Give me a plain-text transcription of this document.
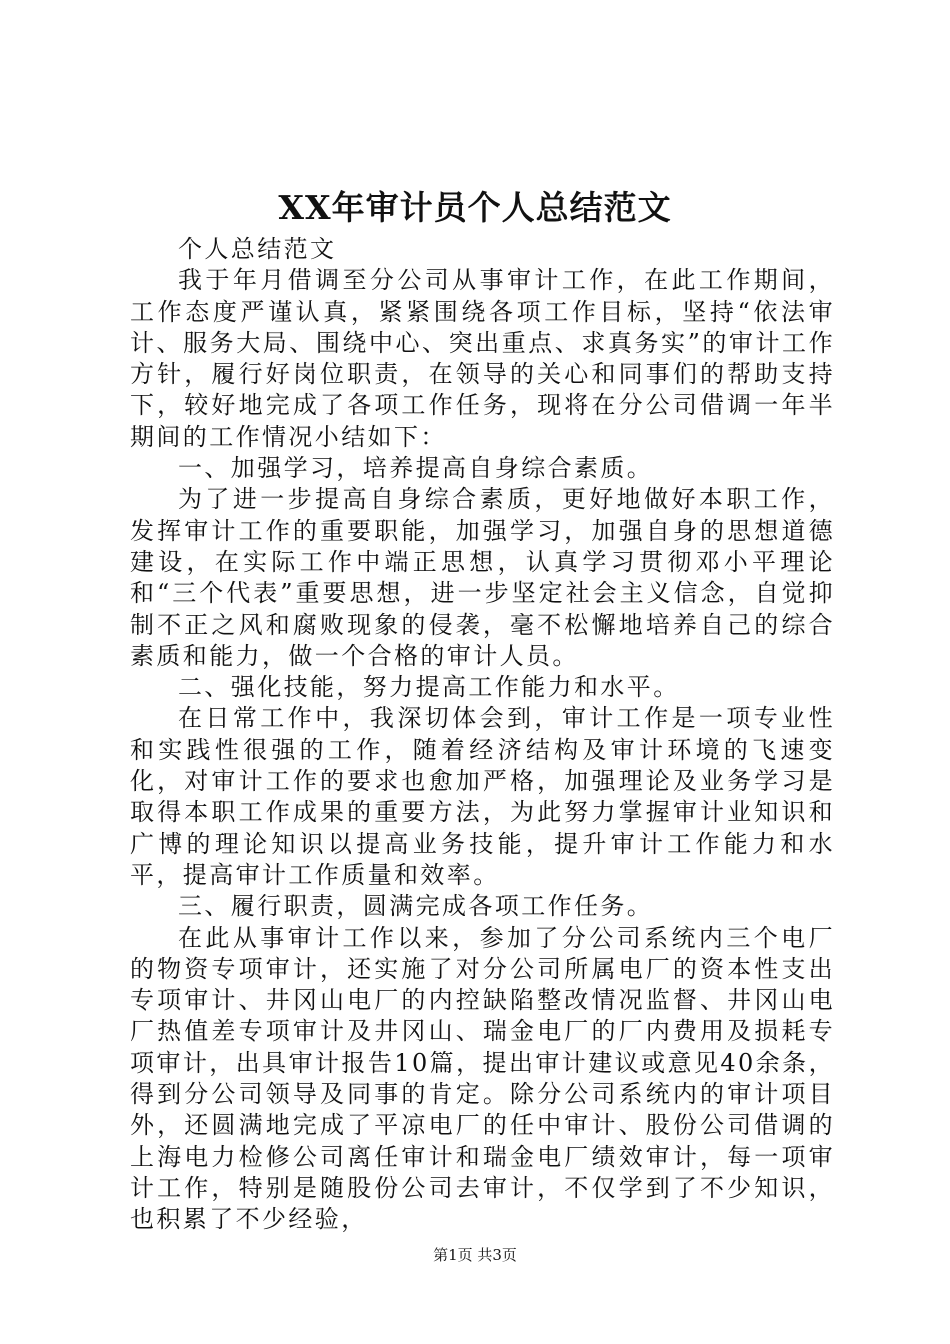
XX年审计员个人总结范文

个人总结范文

我于年月借调至分公司从事审计工作，在此工作期间，工作态度严谨认真，紧紧围绕各项工作目标，坚持“依法审计、服务大局、围绕中心、突出重点、求真务实”的审计工作方针，履行好岗位职责，在领导的关心和同事们的帮助支持下，较好地完成了各项工作任务，现将在分公司借调一年半期间的工作情况小结如下：

一、加强学习，培养提高自身综合素质。

为了进一步提高自身综合素质，更好地做好本职工作，发挥审计工作的重要职能，加强学习，加强自身的思想道德建设，在实际工作中端正思想，认真学习贯彻邓小平理论和“三个代表”重要思想，进一步坚定社会主义信念，自觉抑制不正之风和腐败现象的侵袭，毫不松懈地培养自己的综合素质和能力，做一个合格的审计人员。

二、强化技能，努力提高工作能力和水平。

在日常工作中，我深切体会到，审计工作是一项专业性和实践性很强的工作，随着经济结构及审计环境的飞速变化，对审计工作的要求也愈加严格，加强理论及业务学习是取得本职工作成果的重要方法，为此努力掌握审计业知识和广博的理论知识以提高业务技能，提升审计工作能力和水平，提高审计工作质量和效率。

三、履行职责，圆满完成各项工作任务。

在此从事审计工作以来，参加了分公司系统内三个电厂的物资专项审计，还实施了对分公司所属电厂的资本性支出专项审计、井冈山电厂的内控缺陷整改情况监督、井冈山电厂热值差专项审计及井冈山、瑞金电厂的厂内费用及损耗专项审计，出具审计报告10篇，提出审计建议或意见40余条，得到分公司领导及同事的肯定。除分公司系统内的审计项目外，还圆满地完成了平凉电厂的任中审计、股份公司借调的上海电力检修公司离任审计和瑞金电厂绩效审计，每一项审计工作，特别是随股份公司去审计，不仅学到了不少知识，也积累了不少经验，

第1页 共3页
